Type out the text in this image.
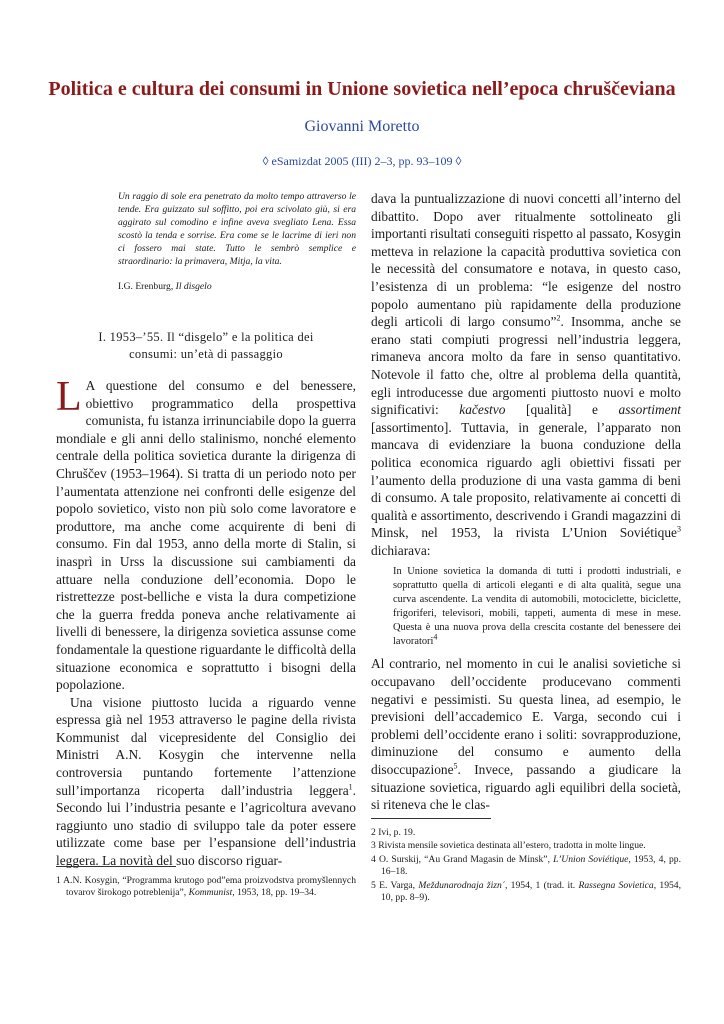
Politica e cultura dei consumi in Unione sovietica nell’epoca chruščeviana
Giovanni Moretto
◊ eSamizdat 2005 (III) 2–3, pp. 93–109 ◊
Un raggio di sole era penetrato da molto tempo attraverso le tende. Era guizzato sul soffitto, poi era scivolato giù, si era aggirato sul comodino e infine aveva svegliato Lena. Essa scostò la tenda e sorrise. Era come se le lacrime di ieri non ci fossero mai state. Tutto le sembrò semplice e straordinario: la primavera, Mitja, la vita.
I.G. Erenburg, Il disgelo
I. 1953–’55. Il “disgelo” e la politica dei
consumi: un’età di passaggio

L A questione del consumo e del benessere, obiettivo programmatico della prospettiva comunista, fu istanza irrinunciabile dopo la guerra mondiale e gli anni dello stalinismo, nonché elemento centrale della politica sovietica durante la dirigenza di Chruščev (1953–1964). Si tratta di un periodo noto per l’aumentata attenzione nei confronti delle esigenze del popolo sovietico, visto non più solo come lavoratore e produttore, ma anche come acquirente di beni di consumo. Fin dal 1953, anno della morte di Stalin, si inasprì in Urss la discussione sui cambiamenti da attuare nella conduzione dell’economia. Dopo le ristrettezze post-belliche e vista la dura competizione che la guerra fredda poneva anche relativamente ai livelli di benessere, la dirigenza sovietica assunse come fondamentale la questione riguardante le difficoltà della situazione economica e soprattutto i bisogni della popolazione.

Una visione piuttosto lucida a riguardo venne espressa già nel 1953 attraverso le pagine della rivista Kommunist dal vicepresidente del Consiglio dei Ministri A.N. Kosygin che intervenne nella controversia puntando fortemente l’attenzione sull’importanza ricoperta dall’industria leggera$^1$. Secondo lui l’industria pesante e l’agricoltura avevano raggiunto uno stadio di sviluppo tale da poter essere utilizzate come base per l’espansione dell’industria leggera. La novità del suo discorso riguar-

dava la puntualizzazione di nuovi concetti all’interno del dibattito. Dopo aver ritualmente sottolineato gli importanti risultati conseguiti rispetto al passato, Kosygin metteva in relazione la capacità produttiva sovietica con le necessità del consumatore e notava, in questo caso, l’esistenza di un problema: “le esigenze del nostro popolo aumentano più rapidamente della produzione degli articoli di largo consumo”$^2$. Insomma, anche se erano stati compiuti progressi nell’industria leggera, rimaneva ancora molto da fare in senso quantitativo. Notevole il fatto che, oltre al problema della quantità, egli introducesse due argomenti piuttosto nuovi e molto significativi: kačestvo [qualità] e assortiment [assortimento]. Tuttavia, in generale, l’apparato non mancava di evidenziare la buona conduzione della politica economica riguardo agli obiettivi fissati per l’aumento della produzione di una vasta gamma di beni di consumo. A tale proposito, relativamente ai concetti di qualità e assortimento, descrivendo i Grandi magazzini di Minsk, nel 1953, la rivista L’Union Soviétique$^3$ dichiarava:

In Unione sovietica la domanda di tutti i prodotti industriali, e soprattutto quella di articoli eleganti e di alta qualità, segue una curva ascendente. La vendita di automobili, motociclette, biciclette, frigoriferi, televisori, mobili, tappeti, aumenta di mese in mese. Questa è una nuova prova della crescita costante del benessere dei lavoratori$^4$

Al contrario, nel momento in cui le analisi sovietiche si occupavano dell’occidente producevano commenti negativi e pessimisti. Su questa linea, ad esempio, le previsioni dell’accademico E. Varga, secondo cui i problemi dell’occidente erano i soliti: sovrapproduzione, diminuzione del consumo e aumento della disoccupazione$^5$. Invece, passando a giudicare la situazione sovietica, riguardo agli equilibri della società, si riteneva che le clas-

1 A.N. Kosygin, “Programma krutogo pod”ema proizvodstva promyšlennych tovarov širokogo potreblenija”, Kommunist, 1953, 18, pp. 19–34.

2 Ivi, p. 19.

3 Rivista mensile sovietica destinata all’estero, tradotta in molte lingue.

4 O. Surskij, “Au Grand Magasin de Minsk”, L’Union Soviétique, 1953, 4, pp. 16–18.

5 E. Varga, Meždunarodnaja žizn´, 1954, 1 (trad. it. Rassegna Sovietica, 1954, 10, pp. 8–9).
